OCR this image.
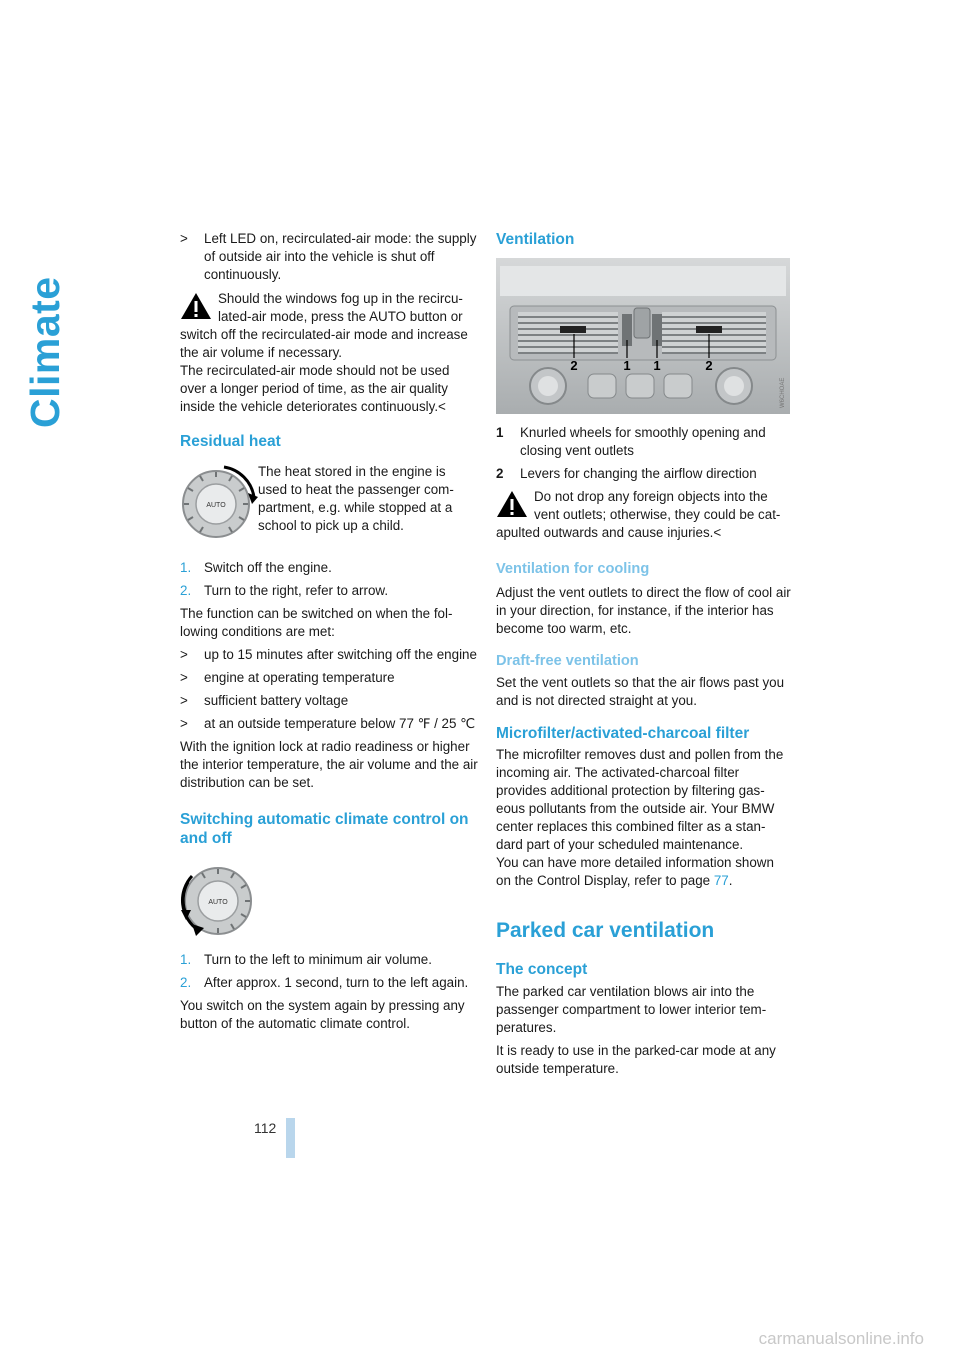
Climate
> Left LED on, recirculated-air mode: the supply of outside air into the vehicle is shut off continuously.

Should the windows fog up in the recircu-lated-air mode, press the AUTO button or

switch off the recirculated-air mode and increase the air volume if necessary.

The recirculated-air mode should not be used over a longer period of time, as the air quality inside the vehicle deteriorates continuously.<

Residual heat
AUTO
The heat stored in the engine is used to heat the passenger com-partment, e.g. while stopped at a school to pick up a child.
1. Switch off the engine.
2. Turn to the right, refer to arrow.

The function can be switched on when the fol-lowing conditions are met:

> up to 15 minutes after switching off the engine
> engine at operating temperature
> sufficient battery voltage
> at an outside temperature below 77 ℉ / 25 ℃

With the ignition lock at radio readiness or higher the interior temperature, the air volume and the air distribution can be set.

Switching automatic climate control on and off
AUTO
1. Turn to the left to minimum air volume.
2. After approx. 1 second, turn to the left again.

You switch on the system again by pressing any button of the automatic climate control.

Ventilation
2	1 1	2
W6CHOAE
1 Knurled wheels for smoothly opening and closing vent outlets
2 Levers for changing the airflow direction

Do not drop any foreign objects into the vent outlets; otherwise, they could be cat-

apulted outwards and cause injuries.<

Ventilation for cooling

Adjust the vent outlets to direct the flow of cool air in your direction, for instance, if the interior has become too warm, etc.

Draft-free ventilation

Set the vent outlets so that the air flows past you and is not directed straight at you.

Microfilter/activated-charcoal filter

The microfilter removes dust and pollen from the incoming air. The activated-charcoal filter provides additional protection by filtering gas-eous pollutants from the outside air. Your BMW center replaces this combined filter as a stan-dard part of your scheduled maintenance.

You can have more detailed information shown on the Control Display, refer to page 77.

Parked car ventilation
The concept

The parked car ventilation blows air into the passenger compartment to lower interior tem-peratures.

It is ready to use in the parked-car mode at any outside temperature.

112
carmanualsonline.info
